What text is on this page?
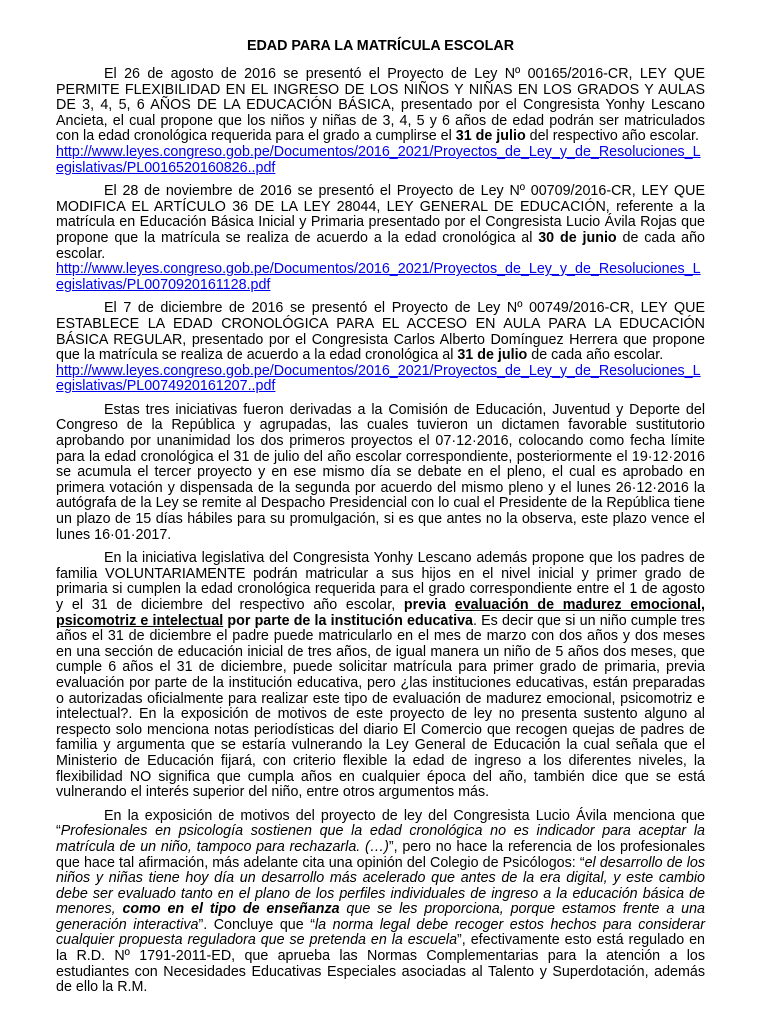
EDAD PARA LA MATRÍCULA ESCOLAR

El 26 de agosto de 2016 se presentó el Proyecto de Ley Nº 00165/2016-CR, LEY QUE PERMITE FLEXIBILIDAD EN EL INGRESO DE LOS NIÑOS Y NIÑAS EN LOS GRADOS Y AULAS DE 3, 4, 5, 6 AÑOS DE LA EDUCACIÓN BÁSICA, presentado por el Congresista Yonhy Lescano Ancieta, el cual propone que los niños y niñas de 3, 4, 5 y 6 años de edad podrán ser matriculados con la edad cronológica requerida para el grado a cumplirse el 31 de julio del respectivo año escolar.
http://www.leyes.congreso.gob.pe/Documentos/2016_2021/Proyectos_de_Ley_y_de_Resoluciones_Legislativas/PL0016520160826..pdf

El 28 de noviembre de 2016 se presentó el Proyecto de Ley Nº 00709/2016-CR, LEY QUE MODIFICA EL ARTÍCULO 36 DE LA LEY 28044, LEY GENERAL DE EDUCACIÓN, referente a la matrícula en Educación Básica Inicial y Primaria presentado por el Congresista Lucio Ávila Rojas que propone que la matrícula se realiza de acuerdo a la edad cronológica al 30 de junio de cada año escolar.
http://www.leyes.congreso.gob.pe/Documentos/2016_2021/Proyectos_de_Ley_y_de_Resoluciones_Legislativas/PL0070920161128.pdf

El 7 de diciembre de 2016 se presentó el Proyecto de Ley Nº 00749/2016-CR, LEY QUE ESTABLECE LA EDAD CRONOLÓGICA PARA EL ACCESO EN AULA PARA LA EDUCACIÓN BÁSICA REGULAR, presentado por el Congresista Carlos Alberto Domínguez Herrera que propone que la matrícula se realiza de acuerdo a la edad cronológica al 31 de julio de cada año escolar.
http://www.leyes.congreso.gob.pe/Documentos/2016_2021/Proyectos_de_Ley_y_de_Resoluciones_Legislativas/PL0074920161207..pdf

Estas tres iniciativas fueron derivadas a la Comisión de Educación, Juventud y Deporte del Congreso de la República y agrupadas, las cuales tuvieron un dictamen favorable sustitutorio aprobando por unanimidad los dos primeros proyectos el 07·12·2016, colocando como fecha límite para la edad cronológica el 31 de julio del año escolar correspondiente, posteriormente el 19·12·2016 se acumula el tercer proyecto y en ese mismo día se debate en el pleno, el cual es aprobado en primera votación y dispensada de la segunda por acuerdo del mismo pleno y el lunes 26·12·2016 la autógrafa de la Ley se remite al Despacho Presidencial con lo cual el Presidente de la República tiene un plazo de 15 días hábiles para su promulgación, si es que antes no la observa, este plazo vence el lunes 16·01·2017.

En la iniciativa legislativa del Congresista Yonhy Lescano además propone que los padres de familia VOLUNTARIAMENTE podrán matricular a sus hijos en el nivel inicial y primer grado de primaria si cumplen la edad cronológica requerida para el grado correspondiente entre el 1 de agosto y el 31 de diciembre del respectivo año escolar, previa evaluación de madurez emocional, psicomotriz e intelectual por parte de la institución educativa. Es decir que si un niño cumple tres años el 31 de diciembre el padre puede matricularlo en el mes de marzo con dos años y dos meses en una sección de educación inicial de tres años, de igual manera un niño de 5 años dos meses, que cumple 6 años el 31 de diciembre, puede solicitar matrícula para primer grado de primaria, previa evaluación por parte de la institución educativa, pero ¿las instituciones educativas, están preparadas o autorizadas oficialmente para realizar este tipo de evaluación de madurez emocional, psicomotriz e intelectual?. En la exposición de motivos de este proyecto de ley no presenta sustento alguno al respecto solo menciona notas periodísticas del diario El Comercio que recogen quejas de padres de familia y argumenta que se estaría vulnerando la Ley General de Educación la cual señala que el Ministerio de Educación fijará, con criterio flexible la edad de ingreso a los diferentes niveles, la flexibilidad NO significa que cumpla años en cualquier época del año, también dice que se está vulnerando el interés superior del niño, entre otros argumentos más.

En la exposición de motivos del proyecto de ley del Congresista Lucio Ávila menciona que “Profesionales en psicología sostienen que la edad cronológica no es indicador para aceptar la matrícula de un niño, tampoco para rechazarla. (…)”, pero no hace la referencia de los profesionales que hace tal afirmación, más adelante cita una opinión del Colegio de Psicólogos: “el desarrollo de los niños y niñas tiene hoy día un desarrollo más acelerado que antes de la era digital, y este cambio debe ser evaluado tanto en el plano de los perfiles individuales de ingreso a la educación básica de menores, como en el tipo de enseñanza que se les proporciona, porque estamos frente a una generación interactiva”. Concluye que “la norma legal debe recoger estos hechos para considerar cualquier propuesta reguladora que se pretenda en la escuela”, efectivamente esto está regulado en la R.D. Nº 1791-2011-ED, que aprueba las Normas Complementarias para la atención a los estudiantes con Necesidades Educativas Especiales asociadas al Talento y Superdotación, además de ello la R.M.
